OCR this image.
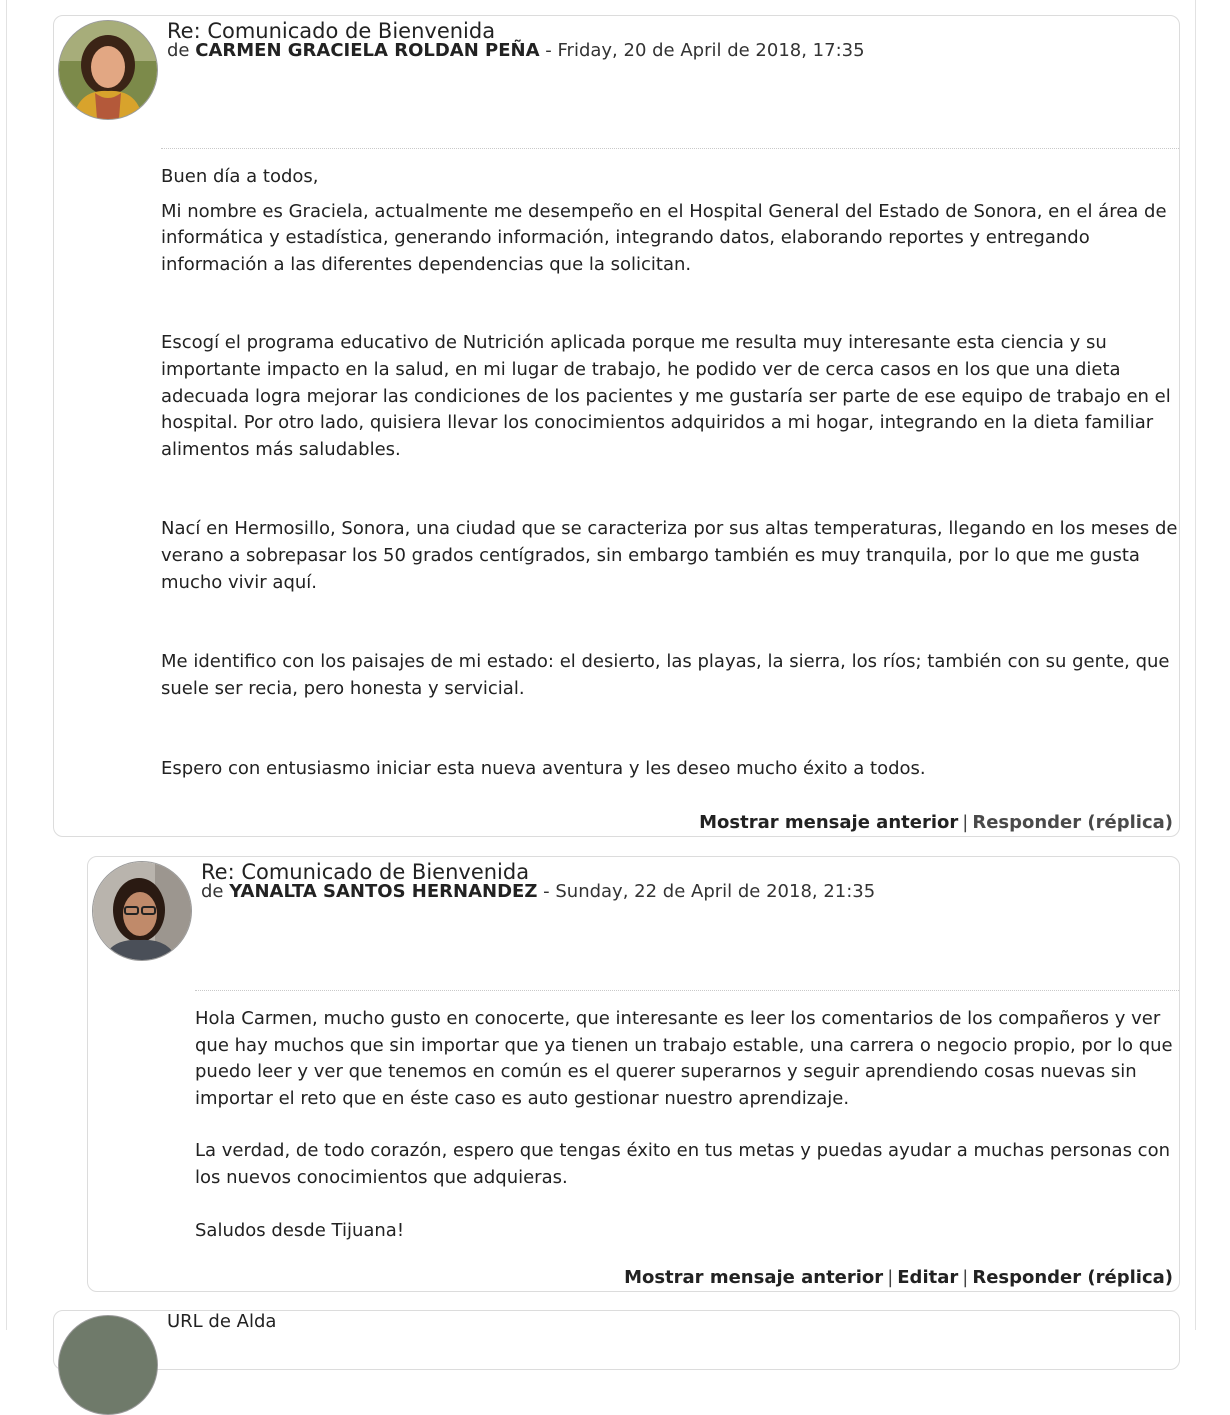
Re: Comunicado de Bienvenida
de CARMEN GRACIELA ROLDAN PEÑA - Friday, 20 de April de 2018, 17:35

Buen día a todos,

Mi nombre es Graciela, actualmente me desempeño en el Hospital General del Estado de Sonora, en el área de informática y estadística, generando información, integrando datos, elaborando reportes y entregando información a las diferentes dependencias que la solicitan.

Escogí el programa educativo de Nutrición aplicada porque me resulta muy interesante esta ciencia y su importante impacto en la salud, en mi lugar de trabajo, he podido ver de cerca casos en los que una dieta adecuada logra mejorar las condiciones de los pacientes y me gustaría ser parte de ese equipo de trabajo en el hospital. Por otro lado, quisiera llevar los conocimientos adquiridos a mi hogar, integrando en la dieta familiar alimentos más saludables.

Nací en Hermosillo, Sonora, una ciudad que se caracteriza por sus altas temperaturas, llegando en los meses de verano a sobrepasar los 50 grados centígrados, sin embargo también es muy tranquila, por lo que me gusta mucho vivir aquí.

Me identifico con los paisajes de mi estado: el desierto, las playas, la sierra, los ríos; también con su gente, que suele ser recia, pero honesta y servicial.

Espero con entusiasmo iniciar esta nueva aventura y les deseo mucho éxito a todos.

Mostrar mensaje anterior | Responder (réplica)
Re: Comunicado de Bienvenida
de YANALTA SANTOS HERNANDEZ - Sunday, 22 de April de 2018, 21:35

Hola Carmen, mucho gusto en conocerte, que interesante es leer los comentarios de los compañeros y ver que hay muchos que sin importar que ya tienen un trabajo estable, una carrera o negocio propio, por lo que puedo leer y ver que tenemos en común es el querer superarnos y seguir aprendiendo cosas nuevas sin importar el reto que en éste caso es auto gestionar nuestro aprendizaje.

La verdad, de todo corazón, espero que tengas éxito en tus metas y puedas ayudar a muchas personas con los nuevos conocimientos que adquieras.

Saludos desde Tijuana!

Mostrar mensaje anterior | Editar | Responder (réplica)
URL de Alda
